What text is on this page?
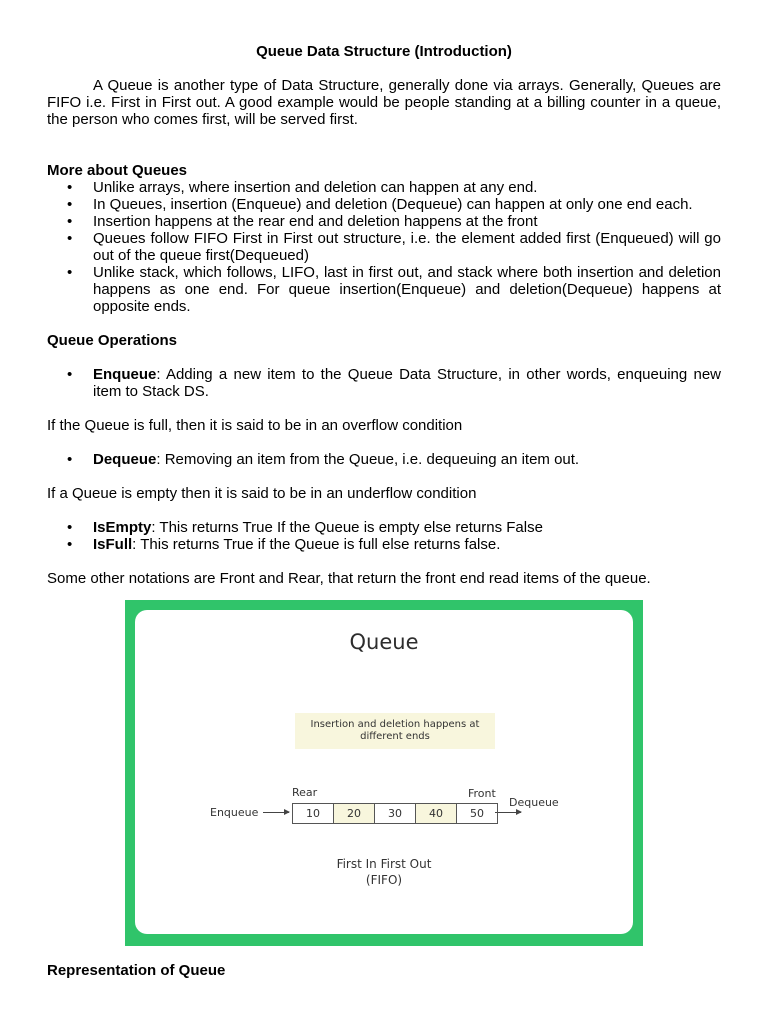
Queue Data Structure (Introduction)
A Queue is another type of Data Structure, generally done via arrays. Generally, Queues are FIFO i.e. First in First out. A good example would be people standing at a billing counter in a queue, the person who comes first, will be served first.
More about Queues
• Unlike arrays, where insertion and deletion can happen at any end.
• In Queues, insertion (Enqueue) and deletion (Dequeue) can happen at only one end each.
• Insertion happens at the rear end and deletion happens at the front
• Queues follow FIFO First in First out structure, i.e. the element added first (Enqueued) will go out of the queue first(Dequeued)
• Unlike stack, which follows, LIFO, last in first out, and stack where both insertion and deletion happens as one end. For queue insertion(Enqueue) and deletion(Dequeue) happens at opposite ends.
Queue Operations
• Enqueue: Adding a new item to the Queue Data Structure, in other words, enqueuing new item to Stack DS.
If the Queue is full, then it is said to be in an overflow condition
• Dequeue: Removing an item from the Queue, i.e. dequeuing an item out.
If a Queue is empty then it is said to be in an underflow condition
• IsEmpty: This returns True If the Queue is empty else returns False
• IsFull: This returns True if the Queue is full else returns false.
Some other notations are Front and Rear, that return the front end read items of the queue.
Queue
Insertion and deletion happens at different ends
Rear	Front
Enqueue
Dequeue
10	20	30	40	50
First In First Out
(FIFO)
Representation of Queue
